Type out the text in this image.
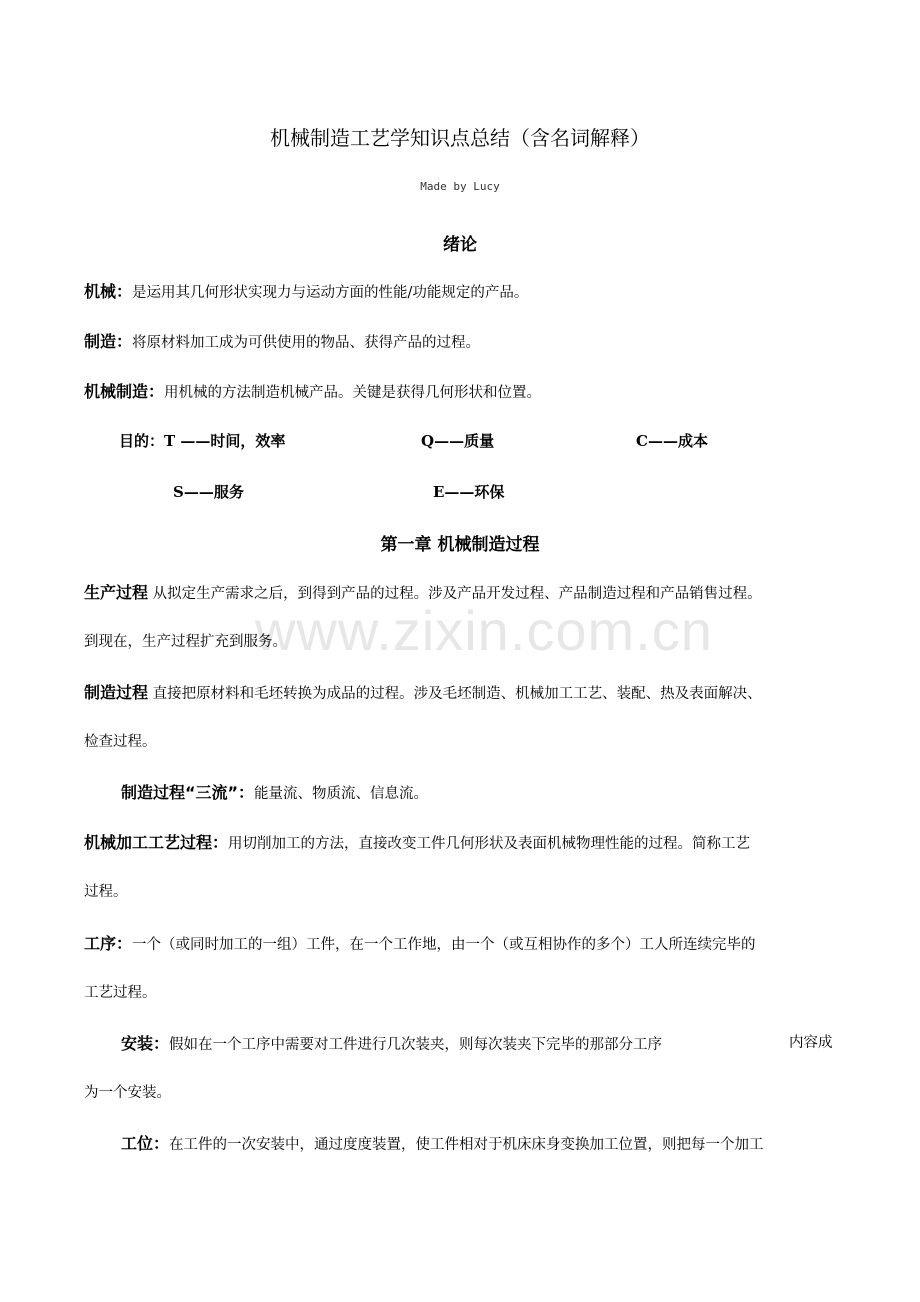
机械制造工艺学知识点总结（含名词解释）
Made by Lucy
www.zixin.com.cn
绪论
机械：是运用其几何形状实现力与运动方面的性能/功能规定的产品。
制造：将原材料加工成为可供使用的物品、获得产品的过程。
机械制造：用机械的方法制造机械产品。关键是获得几何形状和位置。
目的： T ——时间，效率	Q——质量	C——成本
S——服务	E——环保
第一章 机械制造过程
生产过程 从拟定生产需求之后，到得到产品的过程。涉及产品开发过程、产品制造过程和产品销售过程。
到现在，生产过程扩充到服务。
制造过程 直接把原材料和毛坯转换为成品的过程。涉及毛坯制造、机械加工工艺、装配、热及表面解决、
检查过程。
制造过程“三流”：能量流、物质流、信息流。
机械加工工艺过程：用切削加工的方法，直接改变工件几何形状及表面机械物理性能的过程。简称工艺
过程。
工序：一个（或同时加工的一组）工件，在一个工作地，由一个（或互相协作的多个）工人所连续完毕的
工艺过程。
安装：假如在一个工序中需要对工件进行几次装夹，则每次装夹下完毕的那部分工序	内容成
为一个安装。
工位：在工件的一次安装中，通过度度装置，使工件相对于机床床身变换加工位置，则把每一个加工
